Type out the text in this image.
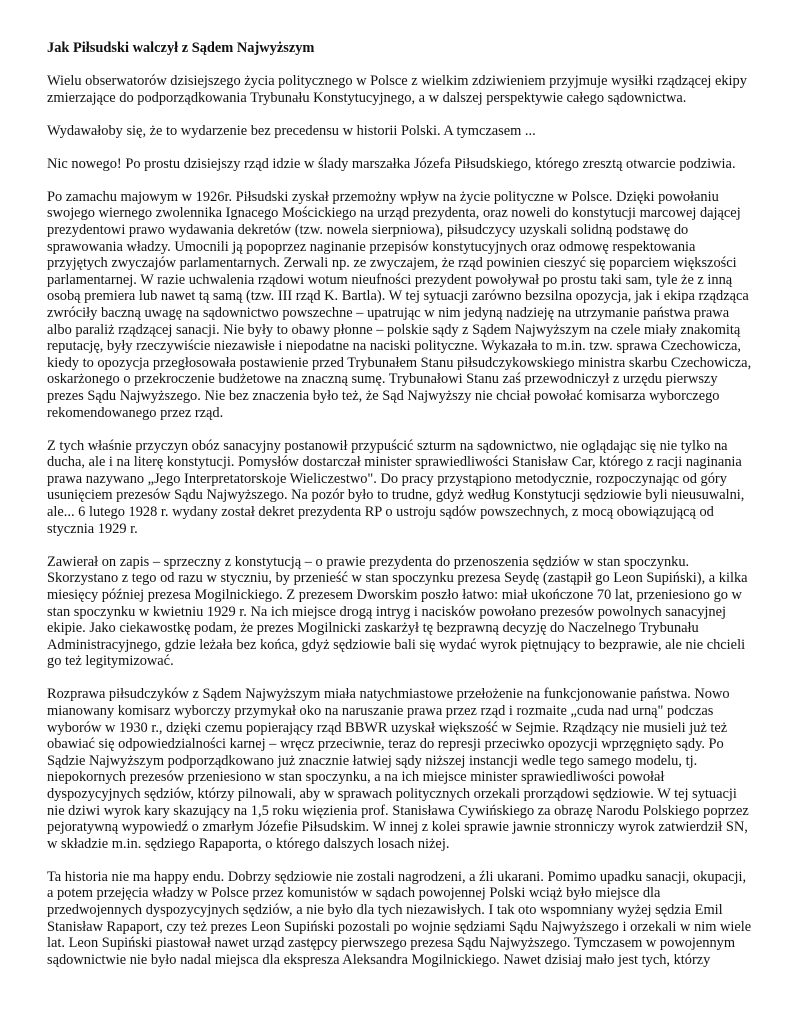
Jak Piłsudski walczył z Sądem Najwyższym
Wielu obserwatorów dzisiejszego życia politycznego w Polsce z wielkim zdziwieniem przyjmuje wysiłki rządzącej ekipy zmierzające do podporządkowania Trybunału Konstytucyjnego, a w dalszej perspektywie całego sądownictwa.
Wydawałoby się, że to wydarzenie bez precedensu w historii Polski. A tymczasem ...
Nic nowego! Po prostu dzisiejszy rząd idzie w ślady marszałka Józefa Piłsudskiego, którego zresztą otwarcie podziwia.
Po zamachu majowym w 1926r. Piłsudski zyskał przemożny wpływ na życie polityczne w Polsce. Dzięki powołaniu swojego wiernego zwolennika Ignacego Mościckiego na urząd prezydenta, oraz noweli do konstytucji marcowej dającej prezydentowi prawo wydawania dekretów (tzw. nowela sierpniowa), piłsudczycy uzyskali solidną podstawę do sprawowania władzy. Umocnili ją popoprzez naginanie przepisów konstytucyjnych oraz odmowę respektowania przyjętych zwyczajów parlamentarnych. Zerwali np. ze zwyczajem, że rząd powinien cieszyć się poparciem większości parlamentarnej. W razie uchwalenia rządowi wotum nieufności prezydent powoływał po prostu taki sam, tyle że z inną osobą premiera lub nawet tą samą (tzw. III rząd K. Bartla). W tej sytuacji zarówno bezsilna opozycja, jak i ekipa rządząca zwróciły baczną uwagę na sądownictwo powszechne – upatrując w nim jedyną nadzieję na utrzymanie państwa prawa albo paraliż rządzącej sanacji. Nie były to obawy płonne – polskie sądy z Sądem Najwyższym na czele miały znakomitą reputację, były rzeczywiście niezawisłe i niepodatne na naciski polityczne. Wykazała to m.in. tzw. sprawa Czechowicza, kiedy to opozycja przegłosowała postawienie przed Trybunałem Stanu piłsudczykowskiego ministra skarbu Czechowicza, oskarżonego o przekroczenie budżetowe na znaczną sumę. Trybunałowi Stanu zaś przewodniczył z urzędu pierwszy prezes Sądu Najwyższego. Nie bez znaczenia było też, że Sąd Najwyższy nie chciał powołać komisarza wyborczego rekomendowanego przez rząd.
Z tych właśnie przyczyn obóz sanacyjny postanowił przypuścić szturm na sądownictwo, nie oglądając się nie tylko na ducha, ale i na literę konstytucji. Pomysłów dostarczał minister sprawiedliwości Stanisław Car, którego z racji naginania prawa nazywano „Jego Interpretatorskoje Wieliczestwo". Do pracy przystąpiono metodycznie, rozpoczynając od góry usunięciem prezesów Sądu Najwyższego. Na pozór było to trudne, gdyż według Konstytucji sędziowie byli nieusuwalni, ale... 6 lutego 1928 r. wydany został dekret prezydenta RP o ustroju sądów powszechnych, z mocą obowiązującą od stycznia 1929 r.
Zawierał on zapis – sprzeczny z konstytucją – o prawie prezydenta do przenoszenia sędziów w stan spoczynku. Skorzystano z tego od razu w styczniu, by przenieść w stan spoczynku prezesa Seydę (zastąpił go Leon Supiński), a kilka miesięcy później prezesa Mogilnickiego. Z prezesem Dworskim poszło łatwo: miał ukończone 70 lat, przeniesiono go w stan spoczynku w kwietniu 1929 r. Na ich miejsce drogą intryg i nacisków powołano prezesów powolnych sanacyjnej ekipie. Jako ciekawostkę podam, że prezes Mogilnicki zaskarżył tę bezprawną decyzję do Naczelnego Trybunału Administracyjnego, gdzie leżała bez końca, gdyż sędziowie bali się wydać wyrok piętnujący to bezprawie, ale nie chcieli go też legitymizować.
Rozprawa piłsudczyków z Sądem Najwyższym miała natychmiastowe przełożenie na funkcjonowanie państwa. Nowo mianowany komisarz wyborczy przymykał oko na naruszanie prawa przez rząd i rozmaite „cuda nad urną" podczas wyborów w 1930 r., dzięki czemu popierający rząd BBWR uzyskał większość w Sejmie. Rządzący nie musieli już też obawiać się odpowiedzialności karnej – wręcz przeciwnie, teraz do represji przeciwko opozycji wprzęgnięto sądy. Po Sądzie Najwyższym podporządkowano już znacznie łatwiej sądy niższej instancji wedle tego samego modelu, tj. niepokornych prezesów przeniesiono w stan spoczynku, a na ich miejsce minister sprawiedliwości powołał dyspozycyjnych sędziów, którzy pilnowali, aby w sprawach politycznych orzekali prorządowi sędziowie. W tej sytuacji nie dziwi wyrok kary skazujący na 1,5 roku więzienia prof. Stanisława Cywińskiego za obrazę Narodu Polskiego poprzez pejoratywną wypowiedź o zmarłym Józefie Piłsudskim. W innej z kolei sprawie jawnie stronniczy wyrok zatwierdził SN, w składzie m.in. sędziego Rapaporta, o którego dalszych losach niżej.
Ta historia nie ma happy endu. Dobrzy sędziowie nie zostali nagrodzeni, a źli ukarani. Pomimo upadku sanacji, okupacji, a potem przejęcia władzy w Polsce przez komunistów w sądach powojennej Polski wciąż było miejsce dla przedwojennych dyspozycyjnych sędziów, a nie było dla tych niezawisłych. I tak oto wspomniany wyżej sędzia Emil Stanisław Rapaport, czy też prezes Leon Supiński pozostali po wojnie sędziami Sądu Najwyższego i orzekali w nim wiele lat. Leon Supiński piastował nawet urząd zastępcy pierwszego prezesa Sądu Najwyższego. Tymczasem w powojennym sądownictwie nie było nadal miejsca dla ekspresza Aleksandra Mogilnickiego. Nawet dzisiaj mało jest tych, którzy
